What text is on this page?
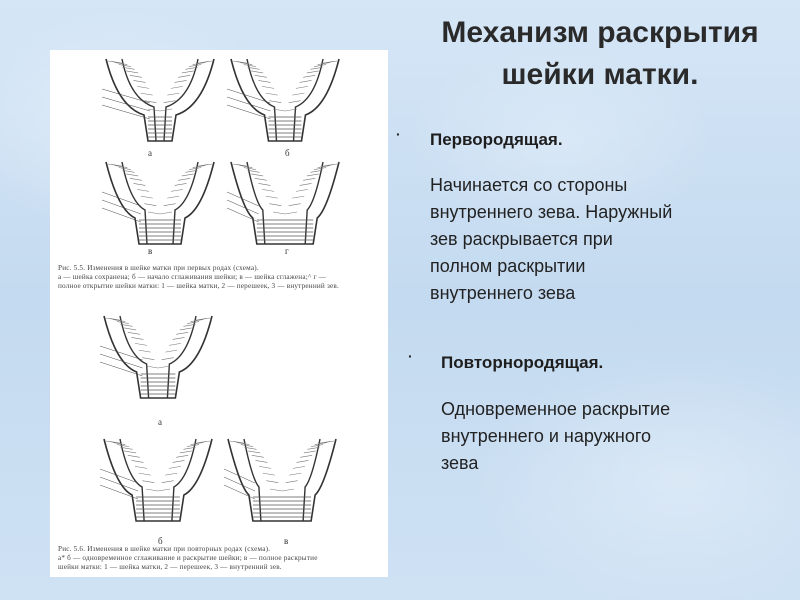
Механизм раскрытия
шейки матки.
а	б
в	г
а
б	в
Рис. 5.5. Изменения в шейке матки при первых родах (схема).
а — шейка сохранена; б — начало сглаживания шейки; в — шейка сглажена;^ г —
полное открытие шейки матки: 1 — шейка матки, 2 — перешеек, 3 — внутренний зев.
Рис. 5.6. Изменения в шейке матки при повторных родах (схема).
а* б — одновременное сглаживание и раскрытие шейки; в — полное раскрытие
шейки матки: 1 — шейка матки, 2 — перешеек, 3 — внутренний зев.
· Первородящая.
Начинается со стороны
внутреннего зева. Наружный
зев раскрывается при
полном раскрытии
внутреннего зева
· Повторнородящая.
Одновременное раскрытие
внутреннего и наружного
зева
